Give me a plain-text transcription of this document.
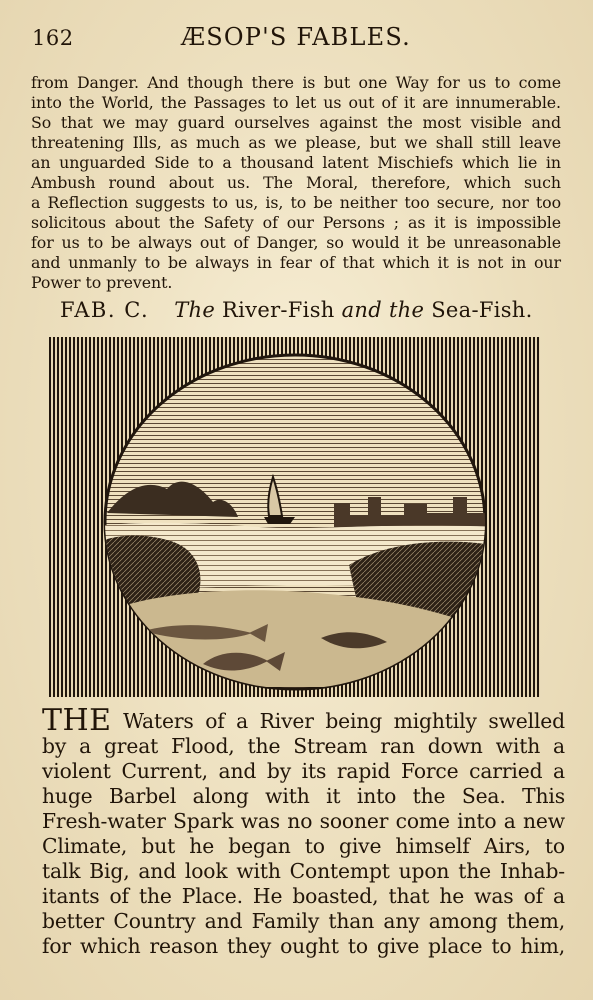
162	ÆSOP'S FABLES.
from Danger. And though there is but one Way for us to come
into the World, the Passages to let us out of it are innumerable.
So that we may guard ourselves against the most visible and
threatening Ills, as much as we please, but we shall still leave
an unguarded Side to a thousand latent Mischiefs which lie in
Ambush round about us. The Moral, therefore, which such
a Reflection suggests to us, is, to be neither too secure, nor too
solicitous about the Safety of our Persons ; as it is impossible
for us to be always out of Danger, so would it be unreasonable
and unmanly to be always in fear of that which it is not in our
Power to prevent.
FAB. C. The River-Fish and the Sea-Fish.
THE Waters of a River being mightily swelled
by a great Flood, the Stream ran down with a
violent Current, and by its rapid Force carried a
huge Barbel along with it into the Sea. This
Fresh-water Spark was no sooner come into a new
Climate, but he began to give himself Airs, to
talk Big, and look with Contempt upon the Inhab-
itants of the Place. He boasted, that he was of a
better Country and Family than any among them,
for which reason they ought to give place to him,
